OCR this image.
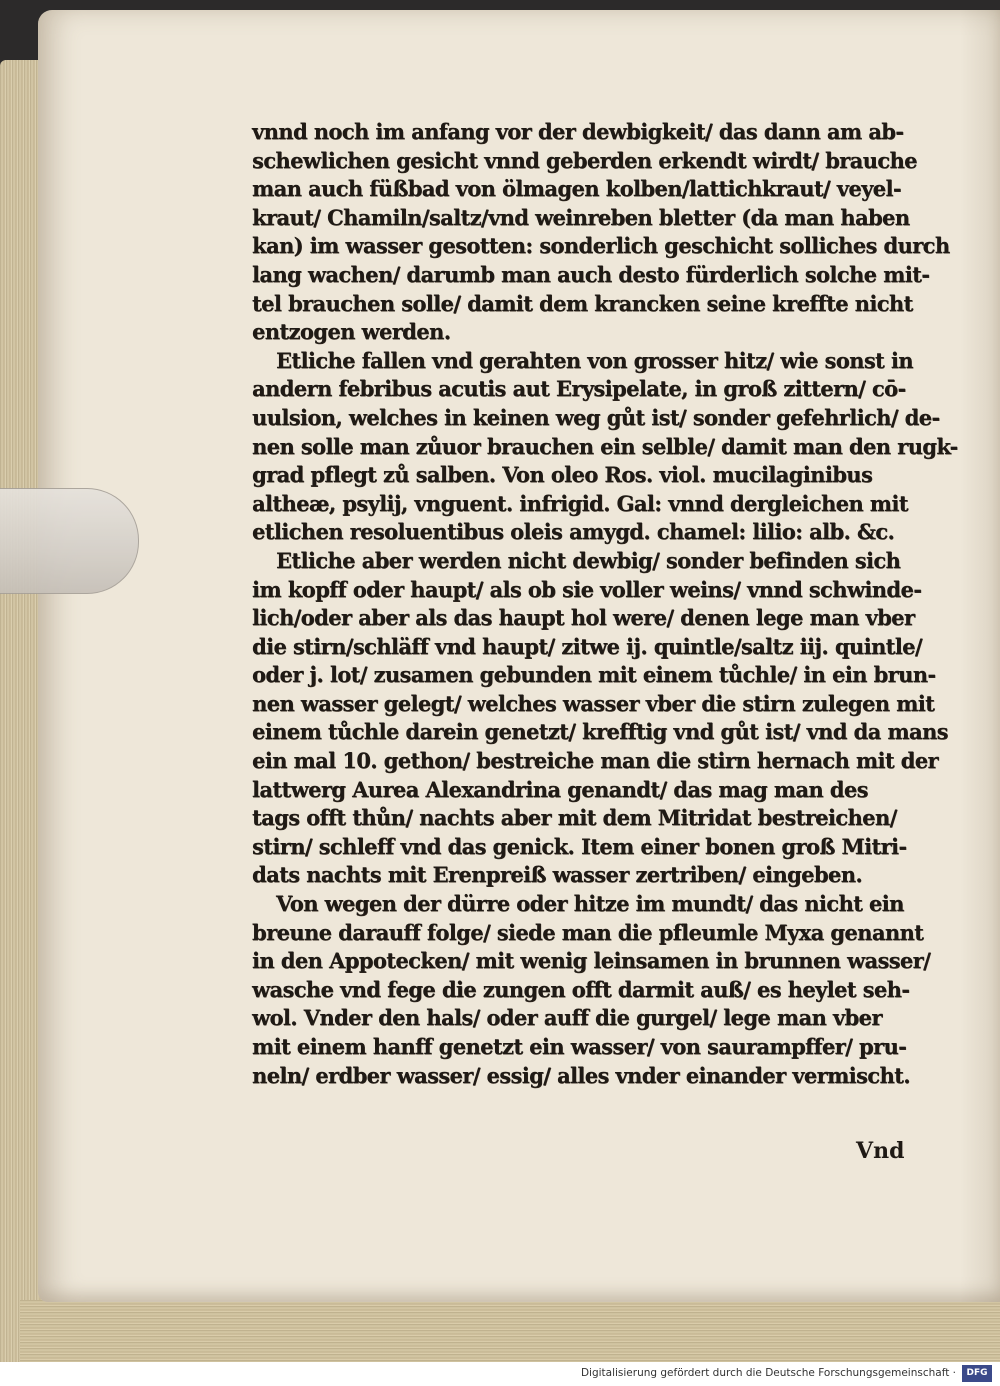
vnnd noch im anfang vor der dewbigkeit/ das dann am ab-
schewlichen gesicht vnnd geberden erkendt wirdt/ brauche
man auch füßbad von ölmagen kolben/lattichkraut/ veyel-
kraut/ Chamiln/saltz/vnd weinreben bletter (da man haben
kan) im wasser gesotten: sonderlich geschicht solliches durch
lang wachen/ darumb man auch desto fürderlich solche mit-
tel brauchen solle/ damit dem krancken seine kreffte nicht
entzogen werden.
Etliche fallen vnd gerahten von grosser hitz/ wie sonst in
andern febribus acutis aut Erysipelate, in groß zittern/ cō-
uulsion, welches in keinen weg gůt ist/ sonder gefehrlich/ de-
nen solle man zůuor brauchen ein selble/ damit man den rugk-
grad pflegt zů salben. Von oleo Ros. viol. mucilaginibus
altheæ, psylij, vnguent. infrigid. Gal: vnnd dergleichen mit
etlichen resoluentibus oleis amygd. chamel: lilio: alb. &c.
Etliche aber werden nicht dewbig/ sonder befinden sich
im kopff oder haupt/ als ob sie voller weins/ vnnd schwinde-
lich/oder aber als das haupt hol were/ denen lege man vber
die stirn/schläff vnd haupt/ zitwe ij. quintle/saltz iij. quintle/
oder j. lot/ zusamen gebunden mit einem tůchle/ in ein brun-
nen wasser gelegt/ welches wasser vber die stirn zulegen mit
einem tůchle darein genetzt/ krefftig vnd gůt ist/ vnd da mans
ein mal 10. gethon/ bestreiche man die stirn hernach mit der
lattwerg Aurea Alexandrina genandt/ das mag man des
tags offt thůn/ nachts aber mit dem Mitridat bestreichen/
stirn/ schleff vnd das genick. Item einer bonen groß Mitri-
dats nachts mit Erenpreiß wasser zertriben/ eingeben.
Von wegen der dürre oder hitze im mundt/ das nicht ein
breune darauff folge/ siede man die pfleumle Myxa genannt
in den Appotecken/ mit wenig leinsamen in brunnen wasser/
wasche vnd fege die zungen offt darmit auß/ es heylet seh-
wol. Vnder den hals/ oder auff die gurgel/ lege man vber
mit einem hanff genetzt ein wasser/ von saurampffer/ pru-
neln/ erdber wasser/ essig/ alles vnder einander vermischt.
Vnd
Digitalisierung gefördert durch die Deutsche Forschungsgemeinschaft ·	DFG
